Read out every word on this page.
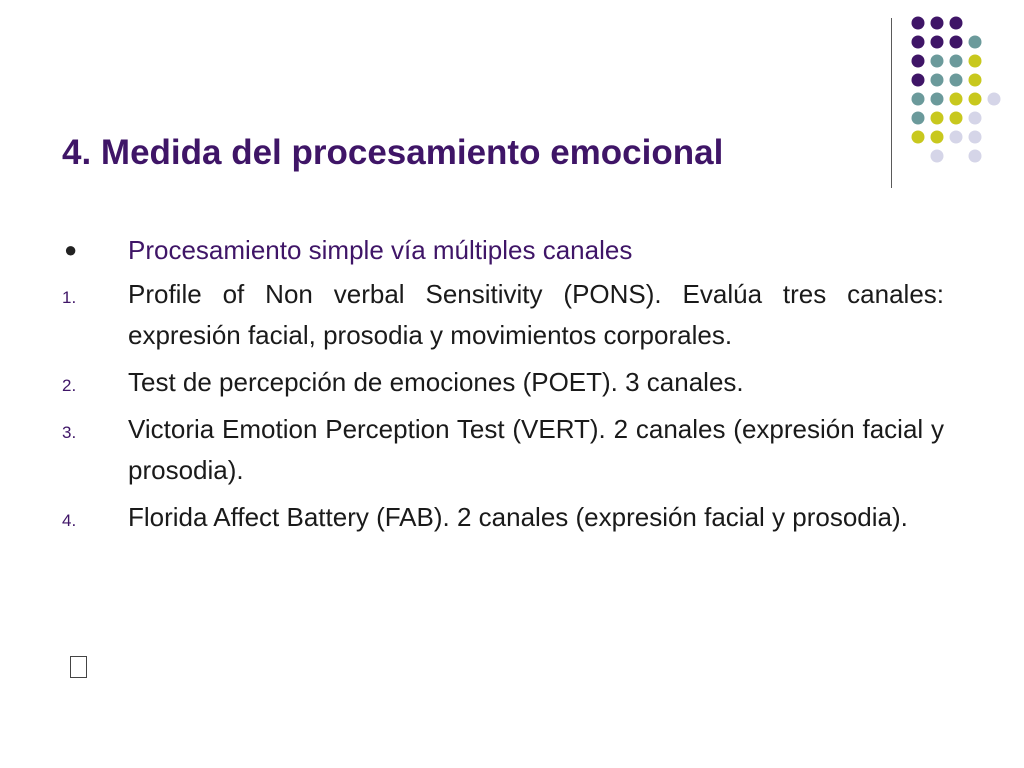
4. Medida del procesamiento emocional
● Procesamiento simple vía múltiples canales
1. Profile of Non verbal Sensitivity (PONS). Evalúa tres canales: expresión facial, prosodia y movimientos corporales.
2. Test de percepción de emociones (POET). 3 canales.
3. Victoria Emotion Perception Test (VERT). 2 canales (expresión facial y prosodia).
4. Florida Affect Battery (FAB). 2 canales (expresión facial y prosodia).
